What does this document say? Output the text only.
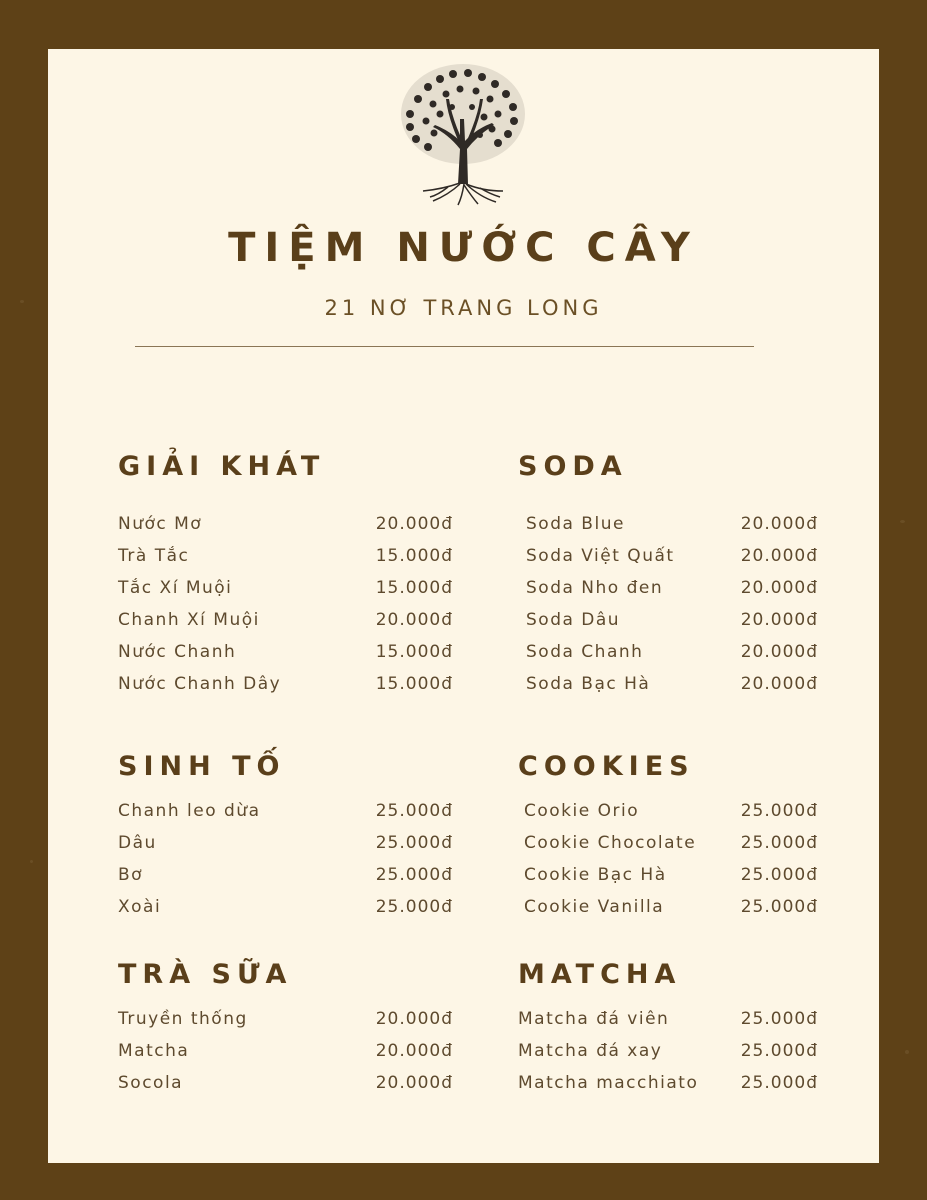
TIỆM NƯỚC CÂY
21 NƠ TRANG LONG
GIẢI KHÁT
Nước Mơ	20.000đ
Trà Tắc	15.000đ
Tắc Xí Muội	15.000đ
Chanh Xí Muội	20.000đ
Nước Chanh	15.000đ
Nước Chanh Dây	15.000đ
SODA
Soda Blue	20.000đ
Soda Việt Quất	20.000đ
Soda Nho đen	20.000đ
Soda Dâu	20.000đ
Soda Chanh	20.000đ
Soda Bạc Hà	20.000đ
SINH TỐ
Chanh leo dừa	25.000đ
Dâu	25.000đ
Bơ	25.000đ
Xoài	25.000đ
COOKIES
Cookie Orio	25.000đ
Cookie Chocolate	25.000đ
Cookie Bạc Hà	25.000đ
Cookie Vanilla	25.000đ
TRÀ SỮA
Truyền thống	20.000đ
Matcha	20.000đ
Socola	20.000đ
MATCHA
Matcha đá viên	25.000đ
Matcha đá xay	25.000đ
Matcha macchiato 25.000đ
